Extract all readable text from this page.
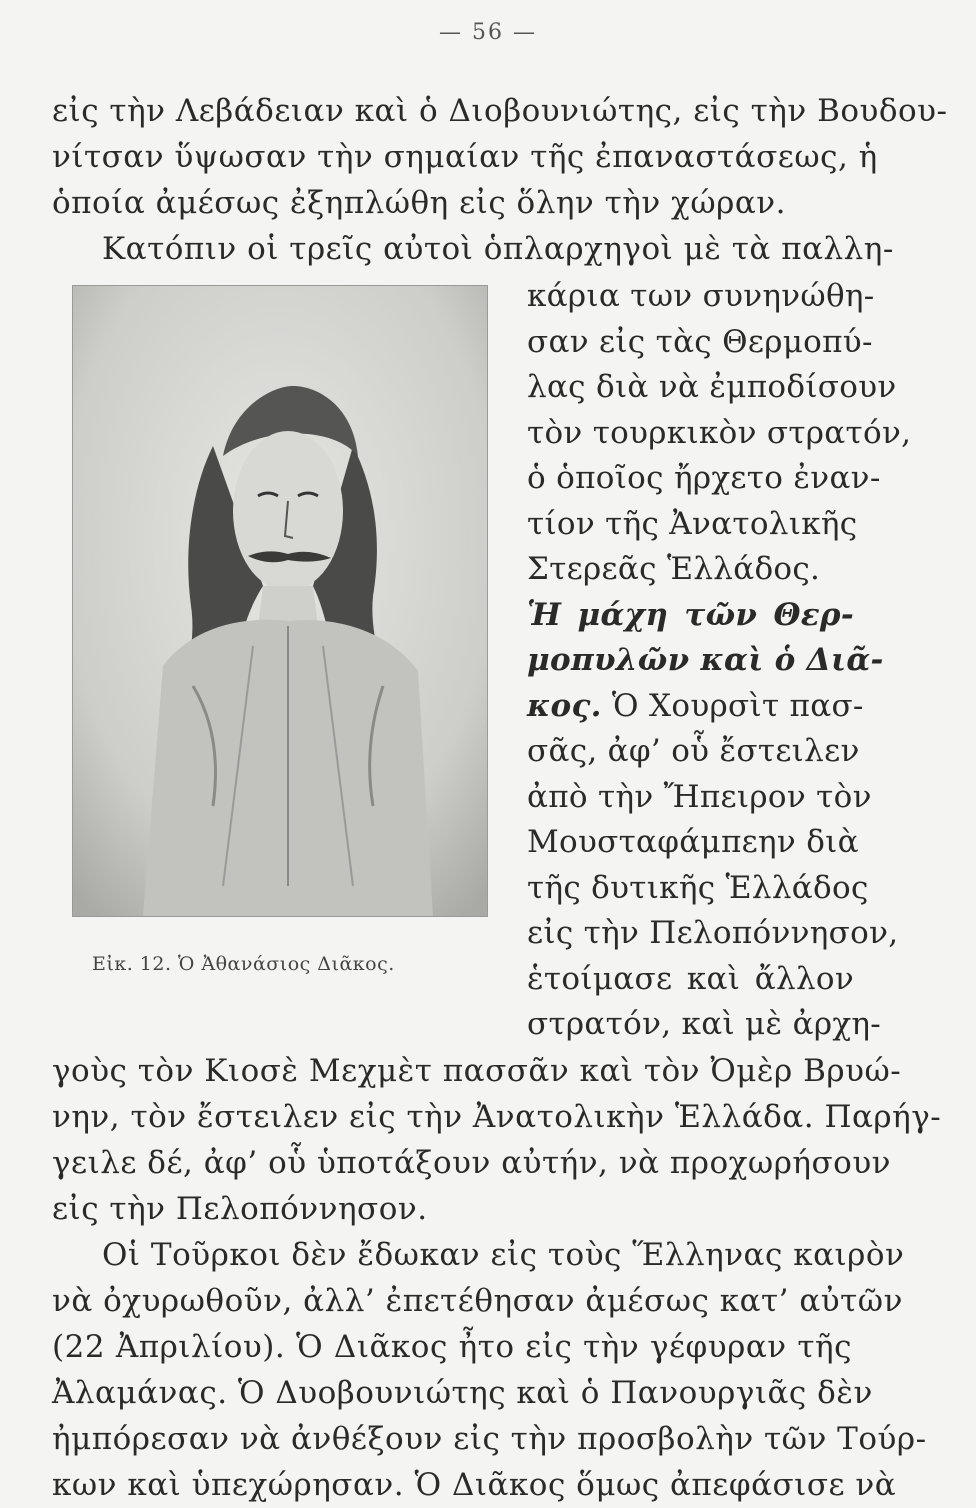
— 56 —
εἰς τὴν Λεβάδειαν καὶ ὁ Διοβουνιώτης, εἰς τὴν Βουδου-
νίτσαν ὕψωσαν τὴν σημαίαν τῆς ἐπαναστάσεως, ἡ
ὁποία ἀμέσως ἐξηπλώθη εἰς ὅλην τὴν χώραν.
Κατόπιν οἱ τρεῖς αὐτοὶ ὁπλαρχηγοὶ μὲ τὰ παλλη-
κάρια των συνηνώθη-
σαν εἰς τὰς Θερμοπύ-
λας διὰ νὰ ἐμποδίσουν
τὸν τουρκικὸν στρατόν,
ὁ ὁποῖος ἤρχετο ἐναν-
τίον τῆς Ἀνατολικῆς
Στερεᾶς Ἑλλάδος.
Ἡ μάχη τῶν Θερ-
μοπυλῶν καὶ ὁ Διᾶ-
κος. Ὁ Χουρσὶτ πασ-
σᾶς, ἀφ’ οὗ ἔστειλεν
ἀπὸ τὴν Ἤπειρον τὸν
Μουσταφάμπεην διὰ
τῆς δυτικῆς Ἑλλάδος
εἰς τὴν Πελοπόννησον,
ἑτοίμασε καὶ ἄλλον
στρατόν, καὶ μὲ ἀρχη-
Εἰκ. 12. Ὁ Ἀθανάσιος Διᾶκος.
γοὺς τὸν Κιοσὲ Μεχμὲτ πασσᾶν καὶ τὸν Ὀμὲρ Βρυώ-
νην, τὸν ἔστειλεν εἰς τὴν Ἀνατολικὴν Ἑλλάδα. Παρήγ-
γειλε δέ, ἀφ’ οὗ ὑποτάξουν αὐτήν, νὰ προχωρήσουν
εἰς τὴν Πελοπόννησον.
Οἱ Τοῦρκοι δὲν ἔδωκαν εἰς τοὺς Ἕλληνας καιρὸν
νὰ ὀχυρωθοῦν, ἀλλ’ ἐπετέθησαν ἀμέσως κατ’ αὐτῶν
(22 Ἀπριλίου). Ὁ Διᾶκος ἦτο εἰς τὴν γέφυραν τῆς
Ἀλαμάνας. Ὁ Δυοβουνιώτης καὶ ὁ Πανουργιᾶς δὲν
ἠμπόρεσαν νὰ ἀνθέξουν εἰς τὴν προσβολὴν τῶν Τούρ-
κων καὶ ὑπεχώρησαν. Ὁ Διᾶκος ὅμως ἀπεφάσισε νὰ
